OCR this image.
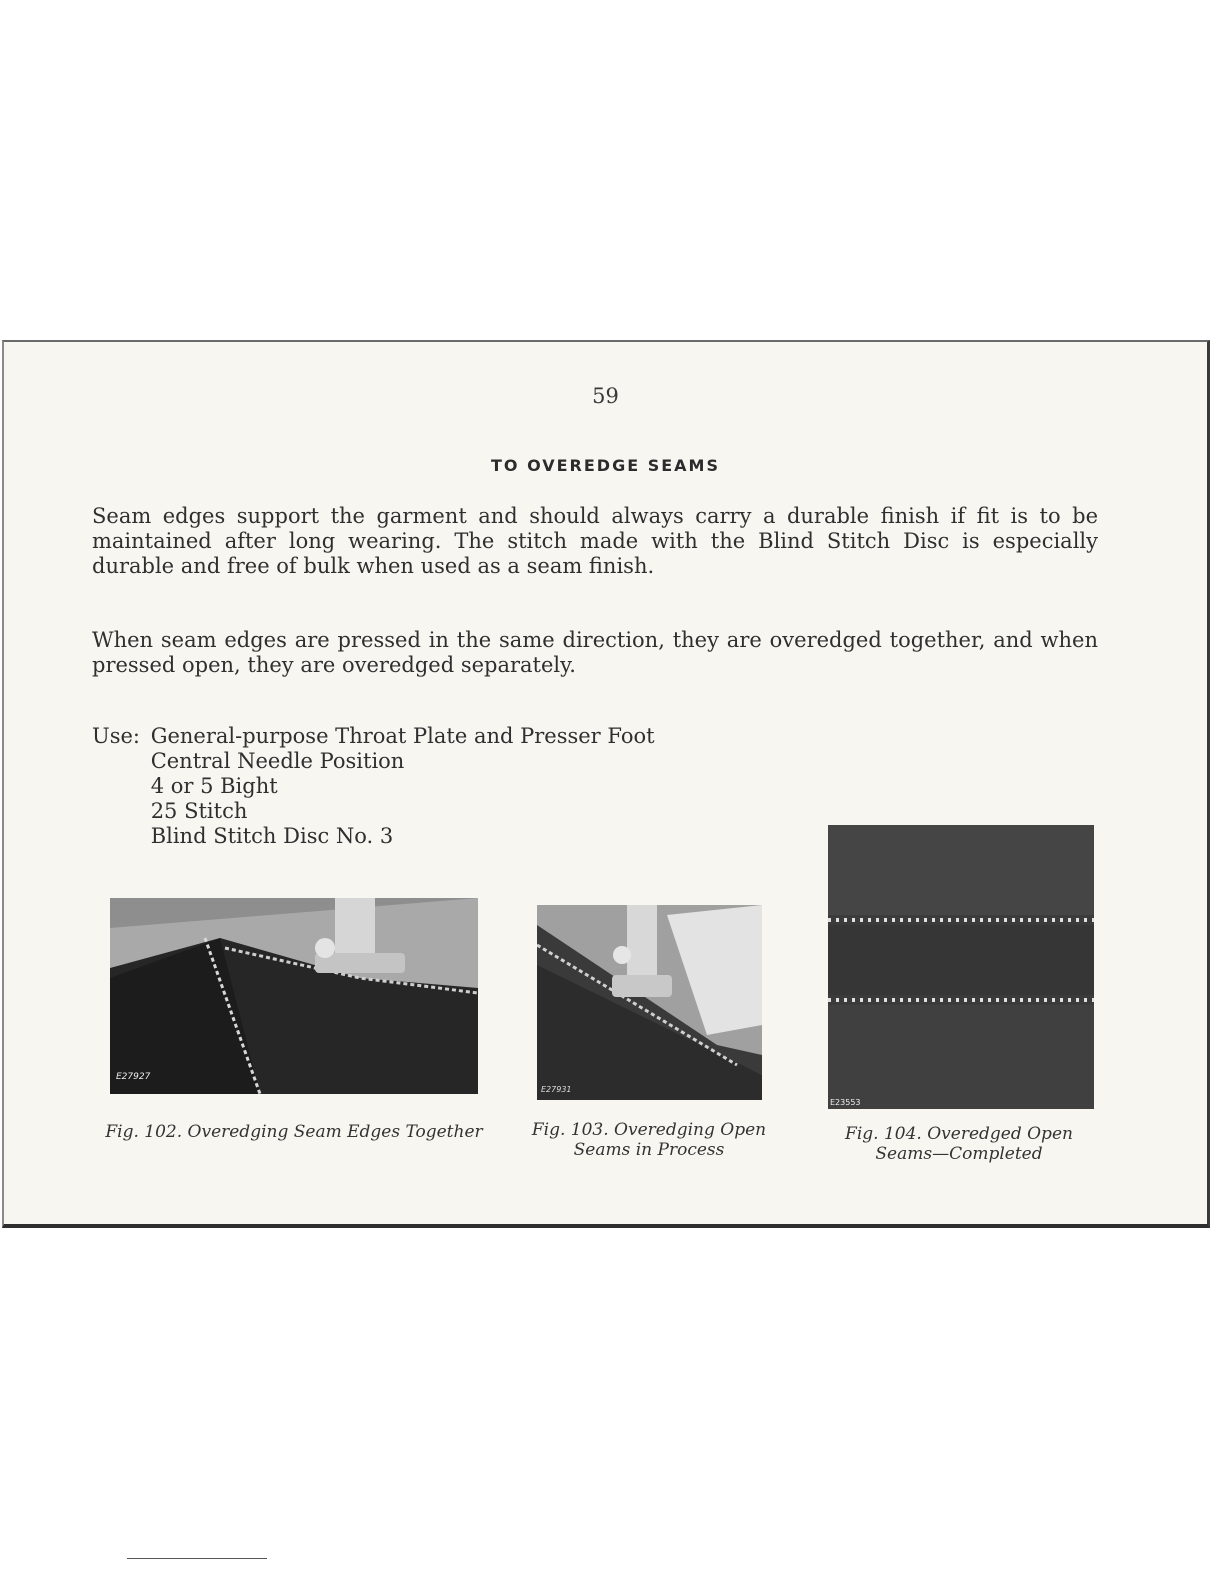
59
TO OVEREDGE SEAMS

Seam edges support the garment and should always carry a durable finish if fit is to be maintained after long wearing. The stitch made with the Blind Stitch Disc is especially durable and free of bulk when used as a seam finish.

When seam edges are pressed in the same direction, they are overedged together, and when pressed open, they are overedged separately.

Use: General-purpose Throat Plate and Presser Foot
Central Needle Position
4 or 5 Bight
25 Stitch
Blind Stitch Disc No. 3
E27927
E27931
E23553
Fig. 102. Overedging Seam Edges Together	Fig. 103. Overedging Open
Seams in Process
Fig. 104. Overedged Open
Seams—Completed
